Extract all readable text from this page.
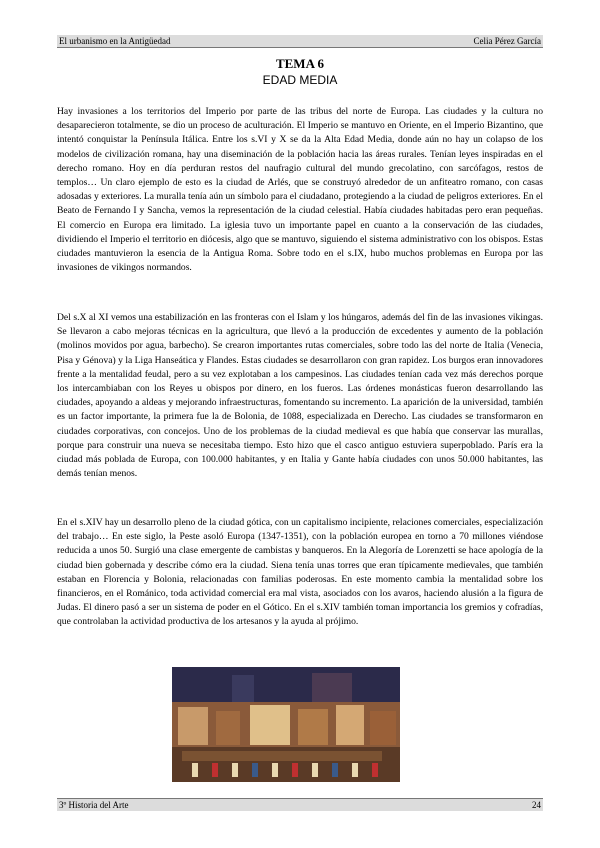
El urbanismo en la Antigüedad	Celia Pérez García
TEMA 6
EDAD MEDIA

Hay invasiones a los territorios del Imperio por parte de las tribus del norte de Europa. Las ciudades y la cultura no desaparecieron totalmente, se dio un proceso de aculturación. El Imperio se mantuvo en Oriente, en el Imperio Bizantino, que intentó conquistar la Península Itálica. Entre los s.VI y X se da la Alta Edad Media, donde aún no hay un colapso de los modelos de civilización romana, hay una diseminación de la población hacia las áreas rurales. Tenían leyes inspiradas en el derecho romano. Hoy en día perduran restos del naufragio cultural del mundo grecolatino, con sarcófagos, restos de templos… Un claro ejemplo de esto es la ciudad de Arlés, que se construyó alrededor de un anfiteatro romano, con casas adosadas y exteriores. La muralla tenía aún un símbolo para el ciudadano, protegiendo a la ciudad de peligros exteriores. En el Beato de Fernando I y Sancha, vemos la representación de la ciudad celestial. Había ciudades habitadas pero eran pequeñas. El comercio en Europa era limitado. La iglesia tuvo un importante papel en cuanto a la conservación de las ciudades, dividiendo el Imperio el territorio en diócesis, algo que se mantuvo, siguiendo el sistema administrativo con los obispos. Estas ciudades mantuvieron la esencia de la Antigua Roma. Sobre todo en el s.IX, hubo muchos problemas en Europa por las invasiones de vikingos normandos.

Del s.X al XI vemos una estabilización en las fronteras con el Islam y los húngaros, además del fin de las invasiones vikingas. Se llevaron a cabo mejoras técnicas en la agricultura, que llevó a la producción de excedentes y aumento de la población (molinos movidos por agua, barbecho). Se crearon importantes rutas comerciales, sobre todo las del norte de Italia (Venecia, Pisa y Génova) y la Liga Hanseática y Flandes. Estas ciudades se desarrollaron con gran rapidez. Los burgos eran innovadores frente a la mentalidad feudal, pero a su vez explotaban a los campesinos. Las ciudades tenían cada vez más derechos porque los intercambiaban con los Reyes u obispos por dinero, en los fueros. Las órdenes monásticas fueron desarrollando las ciudades, apoyando a aldeas y mejorando infraestructuras, fomentando su incremento. La aparición de la universidad, también es un factor importante, la primera fue la de Bolonia, de 1088, especializada en Derecho. Las ciudades se transformaron en ciudades corporativas, con concejos. Uno de los problemas de la ciudad medieval es que había que conservar las murallas, porque para construir una nueva se necesitaba tiempo. Esto hizo que el casco antiguo estuviera superpoblado. París era la ciudad más poblada de Europa, con 100.000 habitantes, y en Italia y Gante había ciudades con unos 50.000 habitantes, las demás tenían menos.

En el s.XIV hay un desarrollo pleno de la ciudad gótica, con un capitalismo incipiente, relaciones comerciales, especialización del trabajo… En este siglo, la Peste asoló Europa (1347-1351), con la población europea en torno a 70 millones viéndose reducida a unos 50. Surgió una clase emergente de cambistas y banqueros. En la Alegoría de Lorenzetti se hace apología de la ciudad bien gobernada y describe cómo era la ciudad. Siena tenía unas torres que eran típicamente medievales, que también estaban en Florencia y Bolonia, relacionadas con familias poderosas. En este momento cambia la mentalidad sobre los financieros, en el Románico, toda actividad comercial era mal vista, asociados con los avaros, haciendo alusión a la figura de Judas. El dinero pasó a ser un sistema de poder en el Gótico. En el s.XIV también toman importancia los gremios y cofradías, que controlaban la actividad productiva de los artesanos y la ayuda al prójimo.

3º Historia del Arte	24
